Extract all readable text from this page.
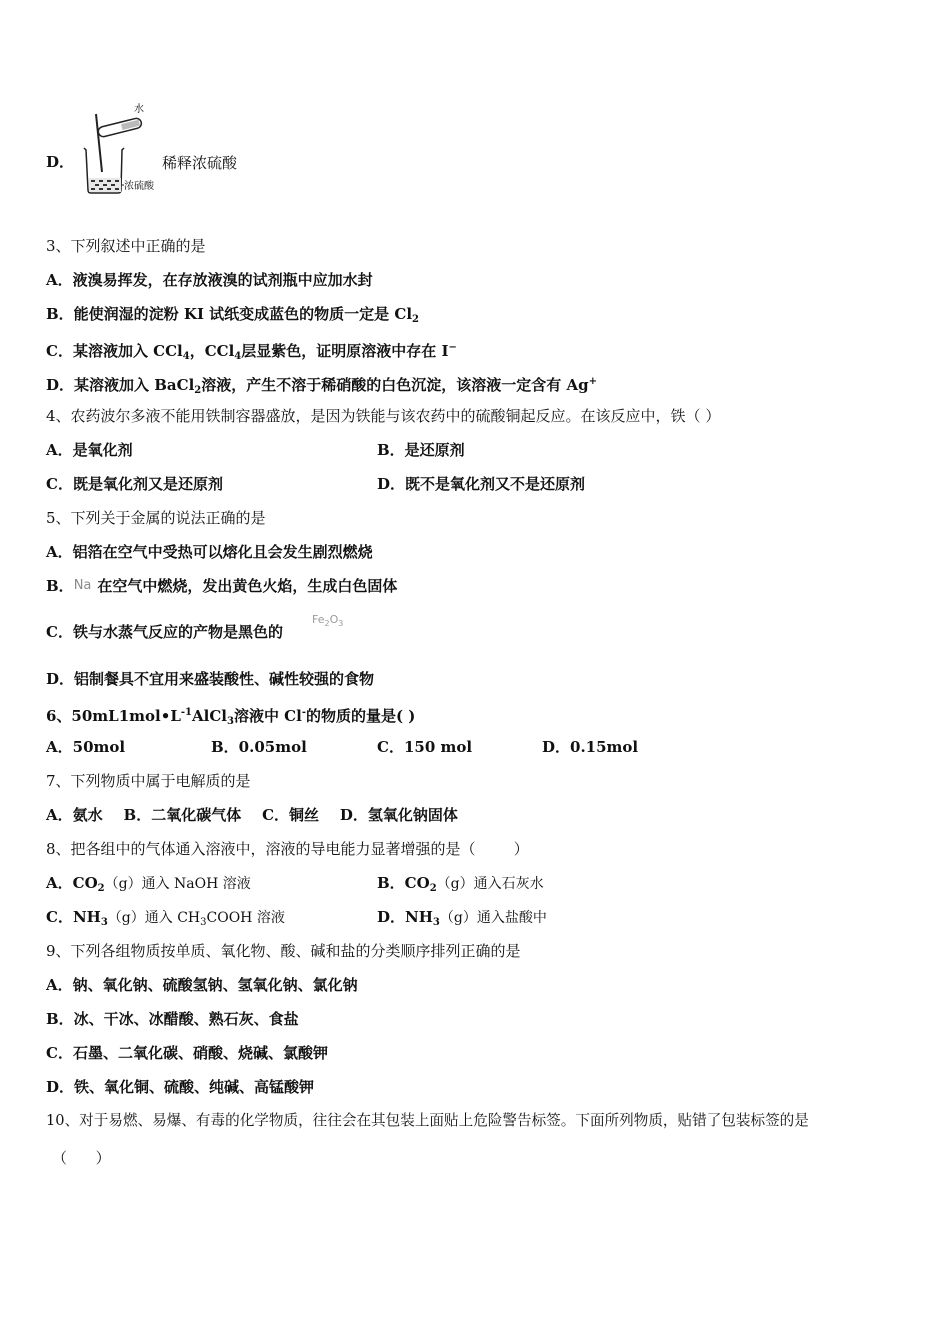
D．
水
浓硫酸
稀释浓硫酸
3、下列叙述中正确的是
A．液溴易挥发，在存放液溴的试剂瓶中应加水封
B．能使润湿的淀粉 KI 试纸变成蓝色的物质一定是 $Cl_2$
C．某溶液加入 CCl$_4$，CCl$_4$层显紫色，证明原溶液中存在 I−
D．某溶液加入 BaCl$_2$溶液，产生不溶于稀硝酸的白色沉淀，该溶液一定含有 Ag+
4、农药波尔多液不能用铁制容器盛放，是因为铁能与该农药中的硫酸铜起反应。在该反应中，铁（ ）
A．是氧化剂	B．是还原剂
C．既是氧化剂又是还原剂	D．既不是氧化剂又不是还原剂
5、下列关于金属的说法正确的是
A．铝箔在空气中受热可以熔化且会发生剧烈燃烧
B．Na 在空气中燃烧，发出黄色火焰，生成白色固体
C．铁与水蒸气反应的产物是黑色的
$Fe_2O_3$
D．铝制餐具不宜用来盛装酸性、碱性较强的食物
6、$50mL1mol•L^{-1}AlCl_3$溶液中 Cl-的物质的量是( )
A．50mol	B．0.05mol	C．150 mol	D．0.15mol
7、下列物质中属于电解质的是
A．氨水    B．二氧化碳气体    C．铜丝    D．氢氧化钠固体
8、把各组中的气体通入溶液中，溶液的导电能力显著增强的是（        ）
A．$CO_2(g)$通入 NaOH 溶液	B．$CO_2(g)$通入石灰水
C．$NH_3(g)$通入 $CH_3COOH$ 溶液	D．$NH_3(g)$通入盐酸中
9、下列各组物质按单质、氧化物、酸、碱和盐的分类顺序排列正确的是
A．钠、氧化钠、硫酸氢钠、氢氧化钠、氯化钠
B．冰、干冰、冰醋酸、熟石灰、食盐
C．石墨、二氧化碳、硝酸、烧碱、氯酸钾
D．铁、氧化铜、硫酸、纯碱、高锰酸钾
10、对于易燃、易爆、有毒的化学物质，往往会在其包装上面贴上危险警告标签。下面所列物质，贴错了包装标签的是
（      ）
